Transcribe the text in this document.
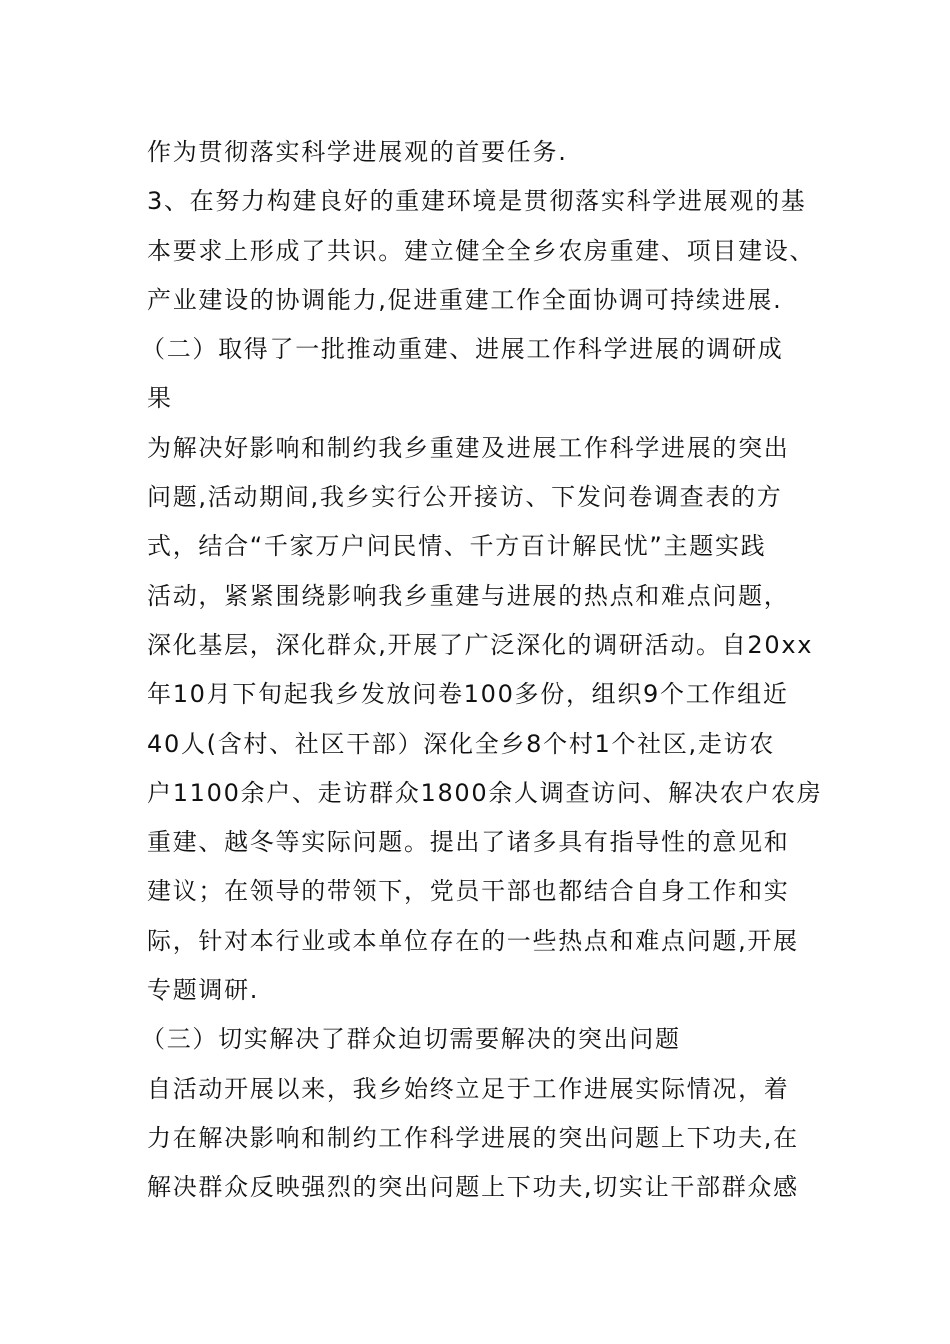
作为贯彻落实科学进展观的首要任务.
3、在努力构建良好的重建环境是贯彻落实科学进展观的基
本要求上形成了共识。建立健全全乡农房重建、项目建设、
产业建设的协调能力,促进重建工作全面协调可持续进展.
（二）取得了一批推动重建、进展工作科学进展的调研成
果
为解决好影响和制约我乡重建及进展工作科学进展的突出
问题,活动期间,我乡实行公开接访、下发问卷调查表的方
式，结合“千家万户问民情、千方百计解民忧”主题实践
活动，紧紧围绕影响我乡重建与进展的热点和难点问题，
深化基层，深化群众,开展了广泛深化的调研活动。自20xx
年10月下旬起我乡发放问卷100多份，组织9个工作组近
40人(含村、社区干部）深化全乡8个村1个社区,走访农
户1100余户、走访群众1800余人调查访问、解决农户农房
重建、越冬等实际问题。提出了诸多具有指导性的意见和
建议；在领导的带领下，党员干部也都结合自身工作和实
际，针对本行业或本单位存在的一些热点和难点问题,开展
专题调研.
（三）切实解决了群众迫切需要解决的突出问题
自活动开展以来，我乡始终立足于工作进展实际情况，着
力在解决影响和制约工作科学进展的突出问题上下功夫,在
解决群众反映强烈的突出问题上下功夫,切实让干部群众感
